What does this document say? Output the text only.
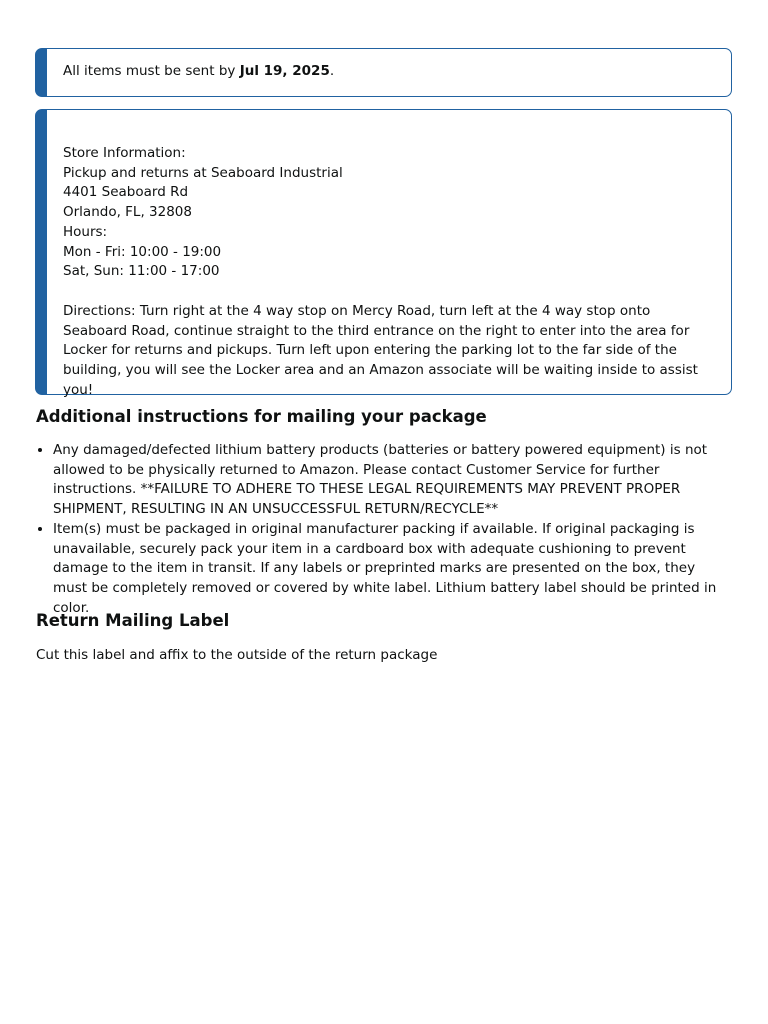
All items must be sent by Jul 19, 2025.

Store Information:
Pickup and returns at Seaboard Industrial
4401 Seaboard Rd
Orlando, FL, 32808
Hours:
Mon - Fri: 10:00 - 19:00
Sat, Sun: 11:00 - 17:00

Directions: Turn right at the 4 way stop on Mercy Road, turn left at the 4 way stop onto Seaboard Road, continue straight to the third entrance on the right to enter into the area for Locker for returns and pickups. Turn left upon entering the parking lot to the far side of the building, you will see the Locker area and an Amazon associate will be waiting inside to assist you!

Additional instructions for mailing your package
• Any damaged/defected lithium battery products (batteries or battery powered equipment) is not allowed to be physically returned to Amazon. Please contact Customer Service for further instructions. **FAILURE TO ADHERE TO THESE LEGAL REQUIREMENTS MAY PREVENT PROPER SHIPMENT, RESULTING IN AN UNSUCCESSFUL RETURN/RECYCLE**
• Item(s) must be packaged in original manufacturer packing if available. If original packaging is unavailable, securely pack your item in a cardboard box with adequate cushioning to prevent damage to the item in transit. If any labels or preprinted marks are presented on the box, they must be completely removed or covered by white label. Lithium battery label should be printed in color.
Return Mailing Label

Cut this label and affix to the outside of the return package
